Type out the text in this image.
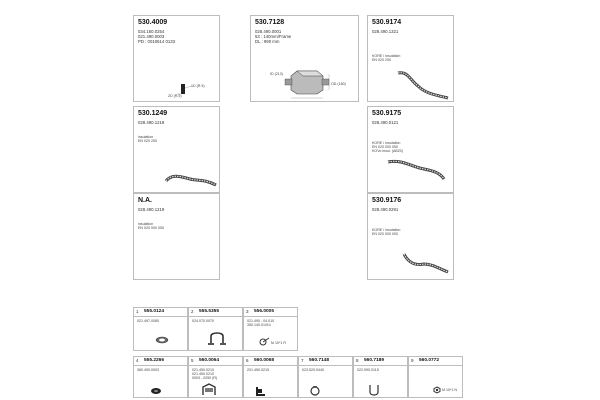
530.4009
034.160.0254
021.490.0003
PD : 0010614 0133
1D (R.5)
2D (R.5)
530.7128
028.490.0001
53 : 140mm/Frame
DL : 990 mm
ID (213)
OD (180)
530.9174
028.490.1321
KORE / insulation
EN 020 250
530.1249
028.490.1219
insulation
EN 020 250
530.9175
028.490.0121
KORE / insulation
EN 020 000 050
KOVo insul. (AB20)
N.A.
028.490.1219
insulation
EN 020 000 050
530.9176
028.490.0291
KORE / insulation
EN 020 000 000
1 555.0124
021.497.0080
2 555.5355
024.070.0070
3 556.0005
021.490 - 04.010
350.140.01/01/
M 10*1 R
4 555.2266
360.490.0003
5 560.0064
021.450.0210
021.450.0210
0003 - 0250 (R)
6 560.0068
201.450.0215
7 560.7148
023.520.0440
8 560.7189
022.090.0115
9 560.0772
M 10*1 N
